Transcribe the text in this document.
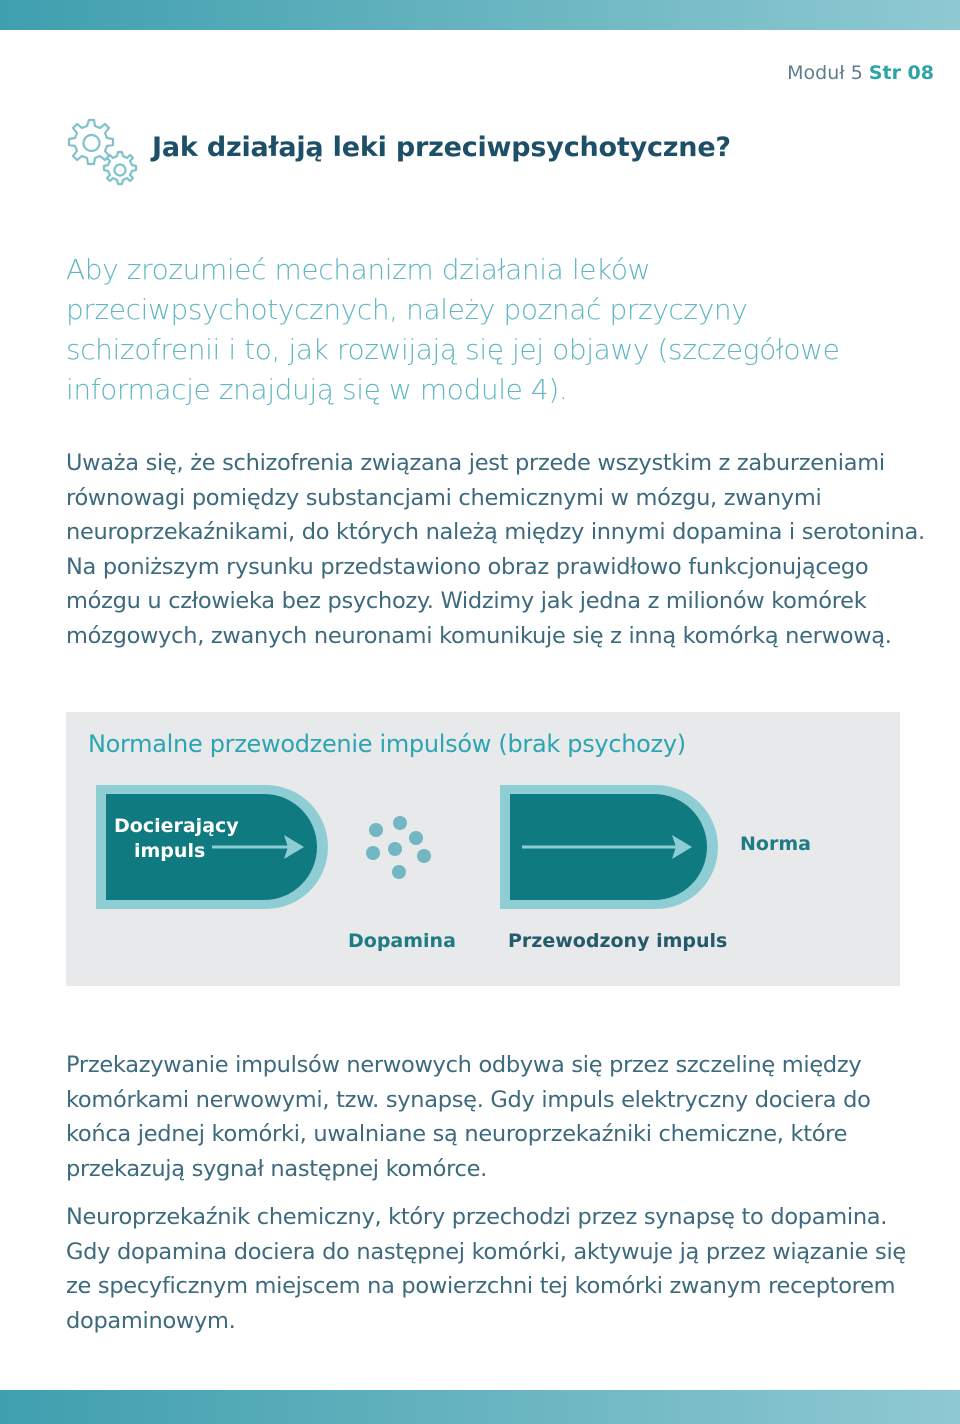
Moduł 5 Str 08
Jak działają leki przeciwpsychotyczne?

Aby zrozumieć mechanizm działania leków przeciwpsychotycznych, należy poznać przyczyny schizofrenii i to, jak rozwijają się jej objawy (szczegółowe informacje znajdują się w module 4).

Uważa się, że schizofrenia związana jest przede wszystkim z zaburzeniami równowagi pomiędzy substancjami chemicznymi w mózgu, zwanymi neuroprzekaźnikami, do których należą między innymi dopamina i serotonina. Na poniższym rysunku przedstawiono obraz prawidłowo funkcjonującego mózgu u człowieka bez psychozy. Widzimy jak jedna z milionów komórek mózgowych, zwanych neuronami komunikuje się z inną komórką nerwową.

Normalne przewodzenie impulsów (brak psychozy)
Docierający
impuls	Norma
Dopamina	Przewodzony impuls

Przekazywanie impulsów nerwowych odbywa się przez szczelinę między komórkami nerwowymi, tzw. synapsę. Gdy impuls elektryczny dociera do końca jednej komórki, uwalniane są neuroprzekaźniki chemiczne, które przekazują sygnał następnej komórce.

Neuroprzekaźnik chemiczny, który przechodzi przez synapsę to dopamina. Gdy dopamina dociera do następnej komórki, aktywuje ją przez wiązanie się ze specyficznym miejscem na powierzchni tej komórki zwanym receptorem dopaminowym.
